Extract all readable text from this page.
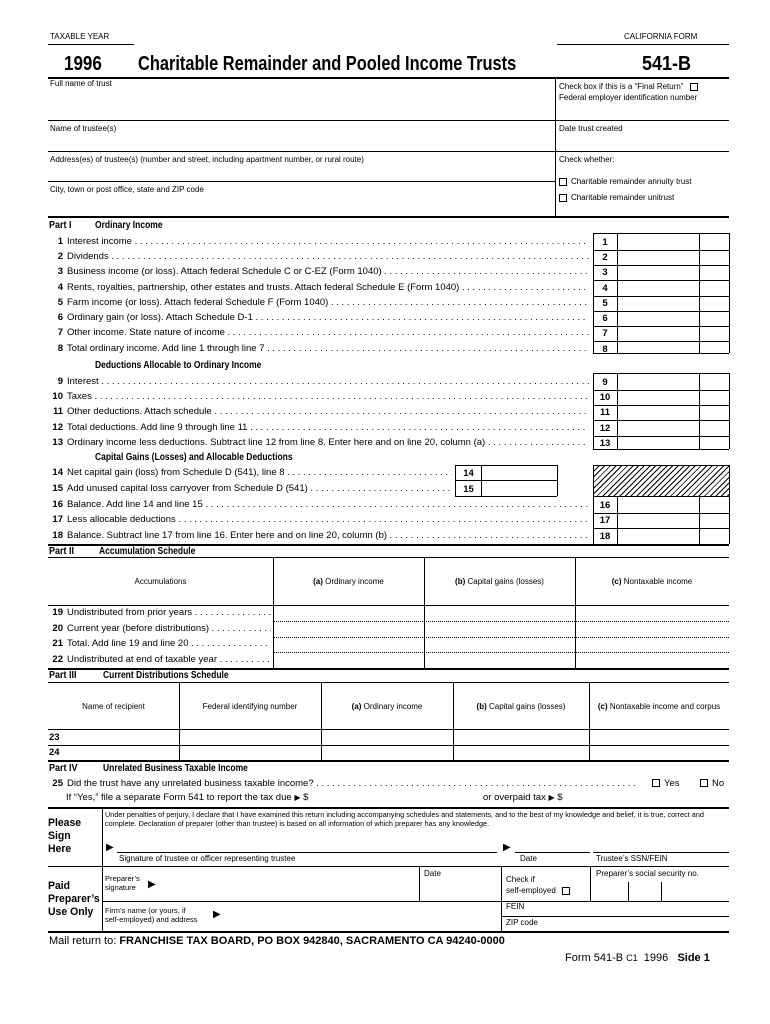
TAXABLE YEAR	CALIFORNIA FORM
1996 Charitable Remainder and Pooled Income Trusts	541-B
Full name of trust	Check box if this is a “Final Return”
Federal employer identification number
Name of trustee(s)	Date trust created
Address(es) of trustee(s) (number and street, including apartment number, or rural route)	Check whether:
City, town or post office, state and ZIP code
Charitable remainder annuity trust
Charitable remainder unitrust
Part I Ordinary Income
1 Interest income . . .	1
2 Dividends . . .	2
3 Business income (or loss). Attach federal Schedule C or C-EZ (Form 1040) . . .	3
4 Rents, royalties, partnership, other estates and trusts. Attach federal Schedule E (Form 1040) . . .	4
5 Farm income (or loss). Attach federal Schedule F (Form 1040) . . .	5
6 Ordinary gain (or loss). Attach Schedule D-1 . . .	6
7 Other income. State nature of income . . .	7
8 Total ordinary income. Add line 1 through line 7 . . .	8
9 Interest . . .	9
10 Taxes . . .	10
11 Other deductions. Attach schedule . . .	11
12 Total deductions. Add line 9 through line 11 . . .	12
13 Ordinary income less deductions. Subtract line 12 from line 8. Enter here and on line 20, column (a) . . .	13
14 Net capital gain (loss) from Schedule D (541), line 8 . . .	14
15 Add unused capital loss carryover from Schedule D (541) . . .	15
16 Balance. Add line 14 and line 15 . . .	16
17 Less allocable deductions . . .	17
18 Balance. Subtract line 17 from line 16. Enter here and on line 20, column (b) . . .	18
Deductions Allocable to Ordinary Income
Capital Gains (Losses) and Allocable Deductions
Part II Accumulation Schedule
Accumulations	(a) Ordinary income	(b) Capital gains (losses)	(c) Nontaxable income
19 Undistributed from prior years . . .
20 Current year (before distributions) . . .
21 Total. Add line 19 and line 20 . . .
22 Undistributed at end of taxable year . . .
Part III	Current Distributions Schedule
Name of recipient	Federal identifying number	(a) Ordinary income	(b) Capital gains (losses)	(c) Nontaxable income and corpus
23
24
Part IV	Unrelated Business Taxable Income
25 Did the trust have any unrelated business taxable income? . . .	Yes	No
If “Yes,” file a separate Form 541 to report the tax due ▶ $	or overpaid tax ▶ $
Please
Sign
Here
Under penalties of perjury, I declare that I have examined this return including accompanying schedules and statements, and to the best of my knowledge and belief, it is true, correct and complete. Declaration of preparer (other than trustee) is based on all information of which preparer has any knowledge.
▶	▶
Signature of trustee or officer representing trustee	Date	Trustee’s SSN/FEIN
Paid
Preparer’s
Use Only
Preparer’s
signature	▶
Date
Check if
self-employed
Preparer’s social security no.
Firm’s name (or yours, if
self-employed) and address ▶
FEIN
ZIP code
Mail return to: FRANCHISE TAX BOARD, PO BOX 942840, SACRAMENTO CA 94240-0000
Form 541-B C1 1996 Side 1
